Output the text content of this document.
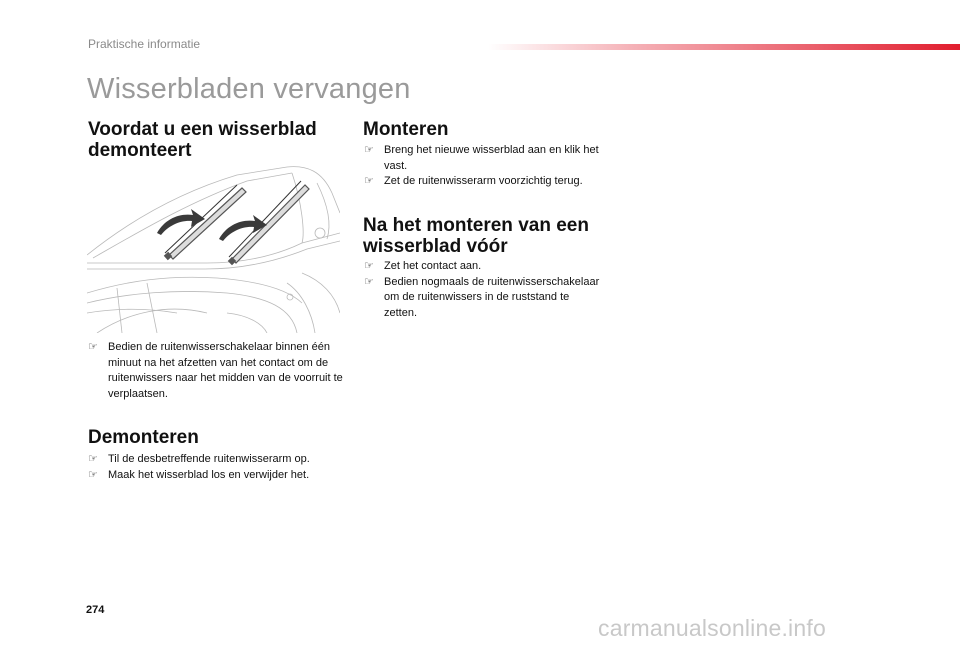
Praktische informatie
Wisserbladen vervangen
Voordat u een wisserblad demonteert
☞ Bedien de ruitenwisserschakelaar binnen één minuut na het afzetten van het contact om de ruitenwissers naar het midden van de voorruit te verplaatsen.
Demonteren
☞ Til de desbetreffende ruitenwisserarm op.
☞ Maak het wisserblad los en verwijder het.
Monteren
☞ Breng het nieuwe wisserblad aan en klik het vast.
☞ Zet de ruitenwisserarm voorzichtig terug.
Na het monteren van een wisserblad vóór
☞ Zet het contact aan.
☞ Bedien nogmaals de ruitenwisserschakelaar om de ruitenwissers in de ruststand te zetten.
274
carmanualsonline.info
